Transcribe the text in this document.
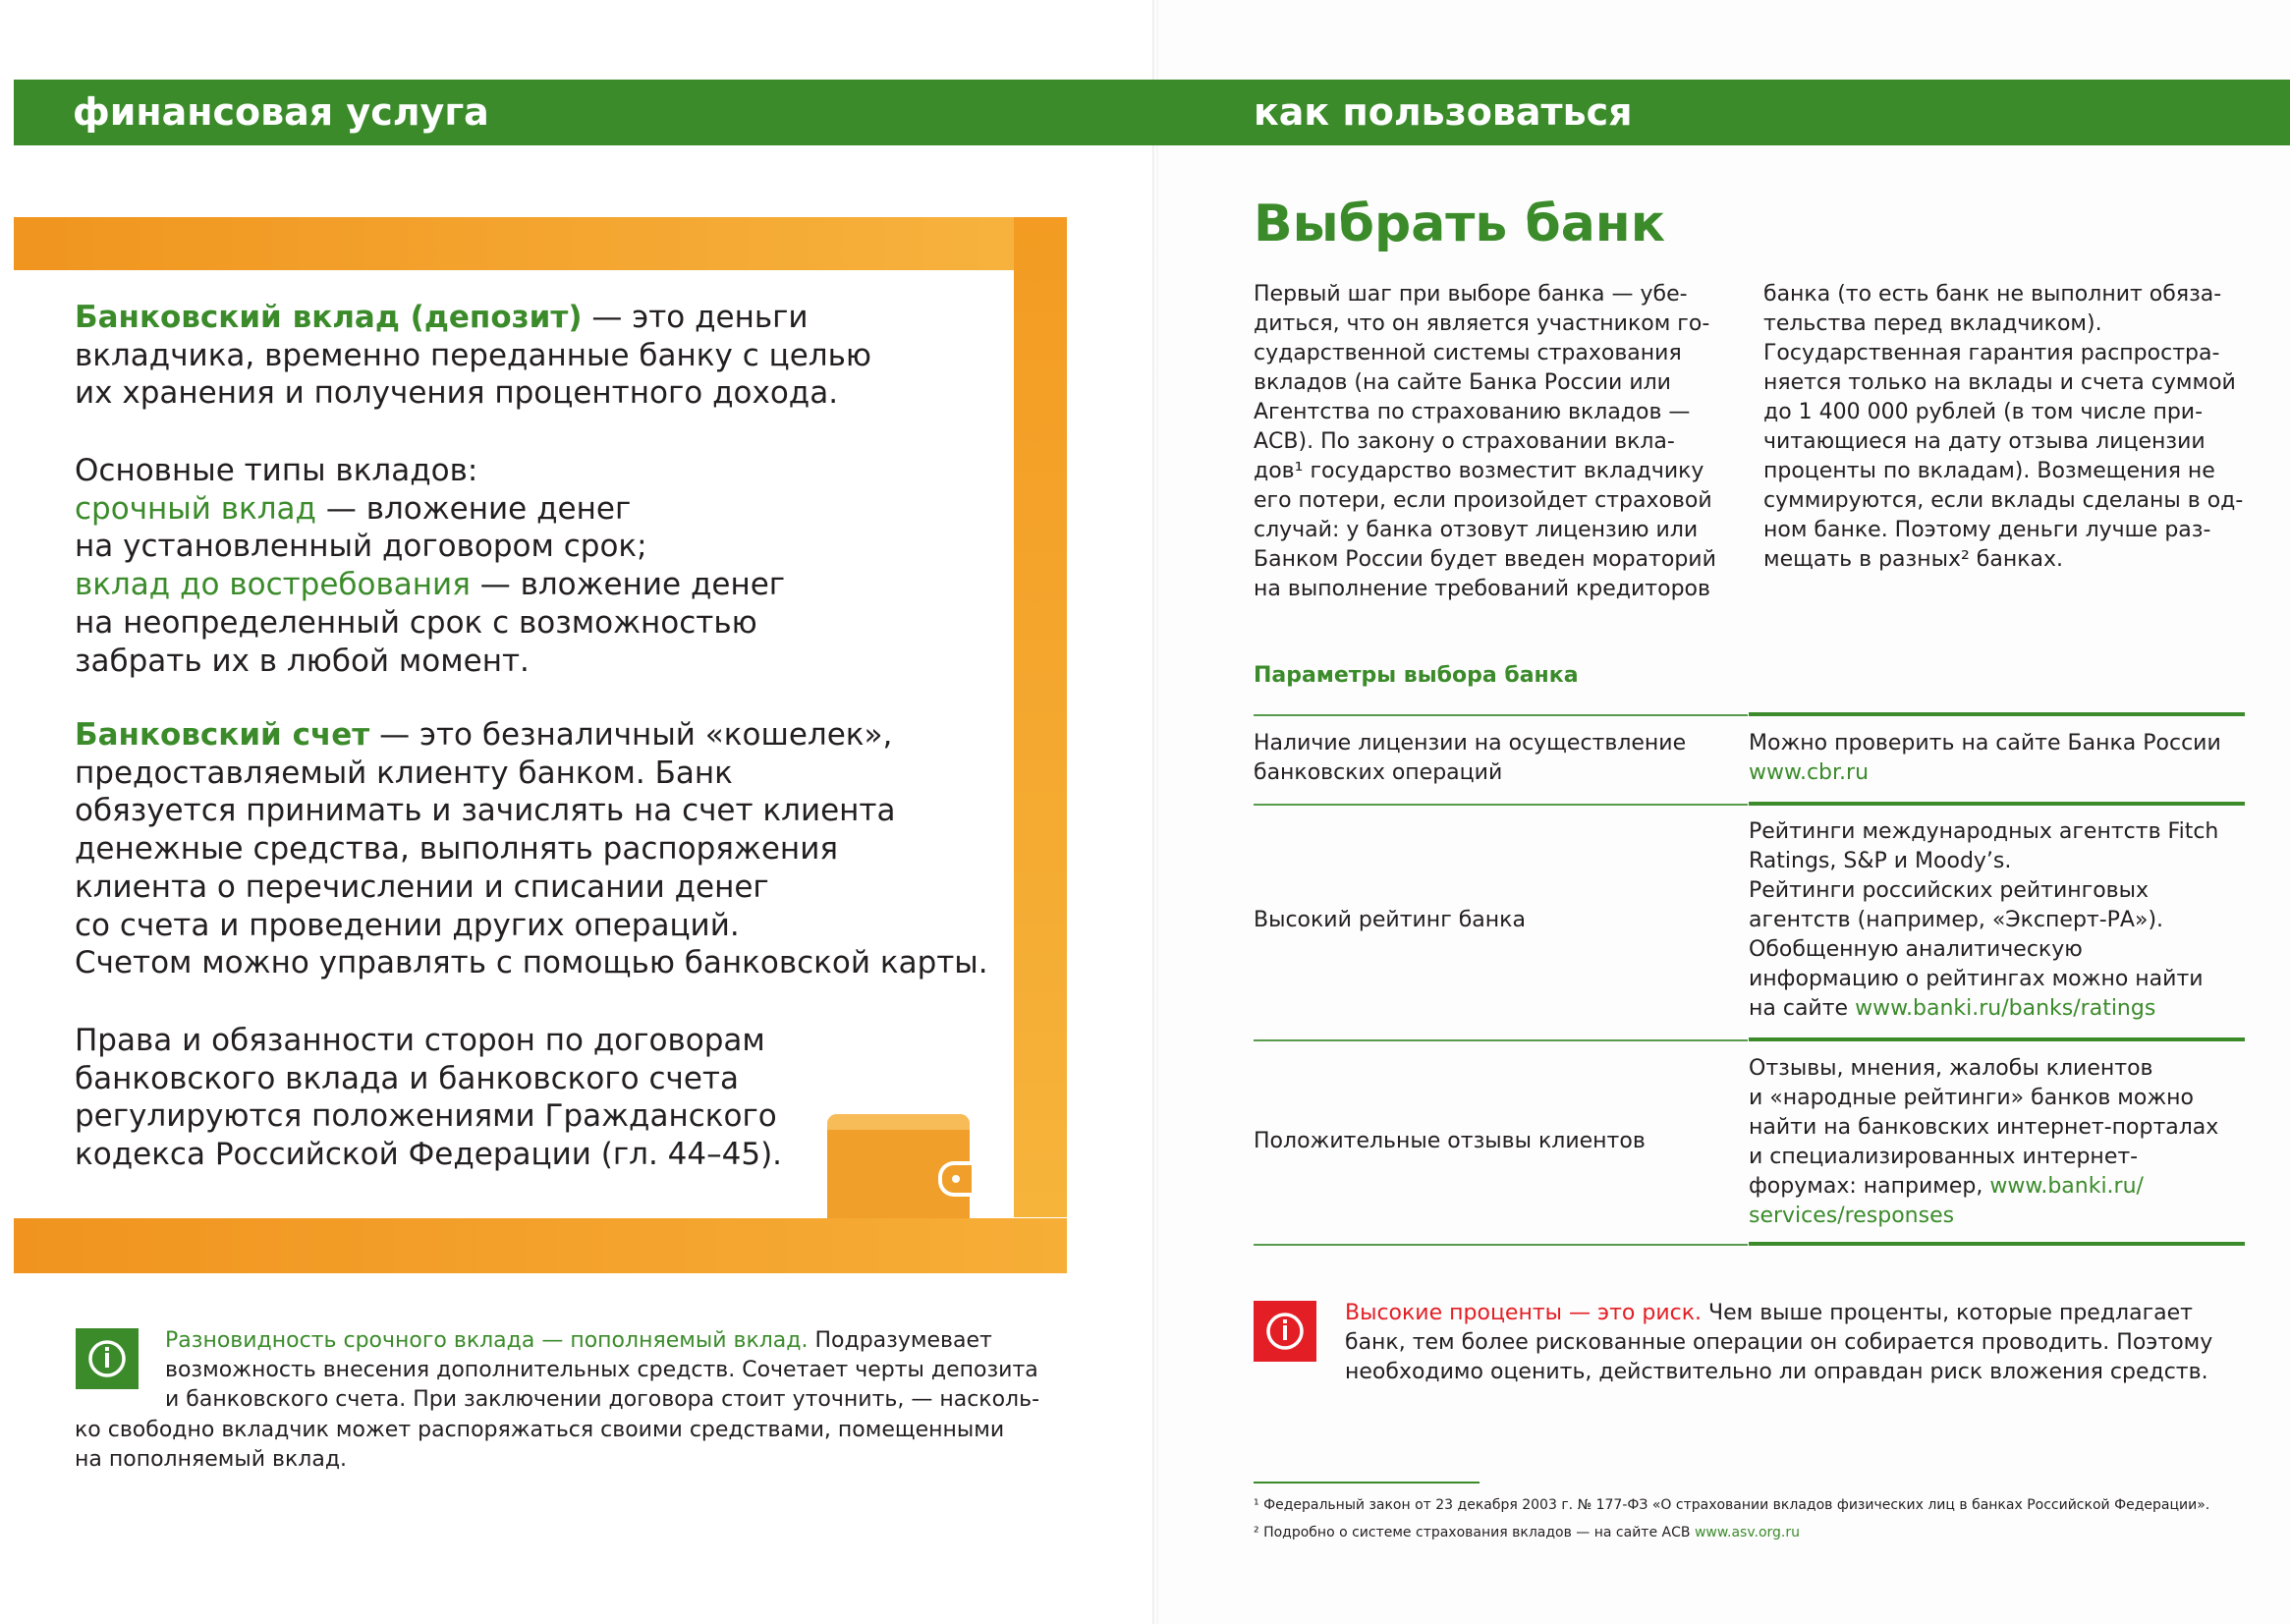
финансовая услуга	как пользоваться

Банковский вклад (депозит) — это деньги

вкладчика, временно переданные банку с целью

их хранения и получения процентного дохода.

Основные типы вкладов:

срочный вклад — вложение денег

на установленный договором срок;

вклад до востребования — вложение денег

на неопределенный срок с возможностью

забрать их в любой момент.

Банковский счет — это безналичный «кошелек»,

предоставляемый клиенту банком. Банк

обязуется принимать и зачислять на счет клиента

денежные средства, выполнять распоряжения

клиента о перечислении и списании денег

со счета и проведении других операций.

Счетом можно управлять с помощью банковской карты.

Права и обязанности сторон по договорам

банковского вклада и банковского счета

регулируются положениями Гражданского

кодекса Российской Федерации (гл. 44–45).

Разновидность срочного вклада — пополняемый вклад. Подразумевает

возможность внесения дополнительных средств. Сочетает черты депозита

и банковского счета. При заключении договора стоит уточнить, — насколь-

ко свободно вкладчик может распоряжаться своими средствами, помещенными

на пополняемый вклад.

Выбрать банк

Первый шаг при выборе банка — убе-

диться, что он является участником го-

сударственной системы страхования

вкладов (на сайте Банка России или

Агентства по страхованию вкладов —

АСВ). По закону о страховании вкла-

дов¹ государство возместит вкладчику

его потери, если произойдет страховой

случай: у банка отзовут лицензию или

Банком России будет введен мораторий

на выполнение требований кредиторов

банка (то есть банк не выполнит обяза-

тельства перед вкладчиком).

Государственная гарантия распростра-

няется только на вклады и счета суммой

до 1 400 000 рублей (в том числе при-

читающиеся на дату отзыва лицензии

проценты по вкладам). Возмещения не

суммируются, если вклады сделаны в од-

ном банке. Поэтому деньги лучше раз-

мещать в разных² банках.

Параметры выбора банка

Наличие лицензии на осуществление

банковских операций

Можно проверить на сайте Банка России

www.cbr.ru

Высокий рейтинг банка

Рейтинги международных агентств Fitch

Ratings, S&P и Moody’s.

Рейтинги российских рейтинговых

агентств (например, «Эксперт-РА»).

Обобщенную аналитическую

информацию о рейтингах можно найти

на сайте www.banki.ru/banks/ratings

Положительные отзывы клиентов

Отзывы, мнения, жалобы клиентов

и «народные рейтинги» банков можно

найти на банковских интернет-порталах

и специализированных интернет-

форумах: например, www.banki.ru/

services/responses

Высокие проценты — это риск. Чем выше проценты, которые предлагает

банк, тем более рискованные операции он собирается проводить. Поэтому

необходимо оценить, действительно ли оправдан риск вложения средств.

¹ Федеральный закон от 23 декабря 2003 г. № 177-ФЗ «О страховании вкладов физических лиц в банках Российской Федерации».
² Подробно о системе страхования вкладов — на сайте АСВ www.asv.org.ru
